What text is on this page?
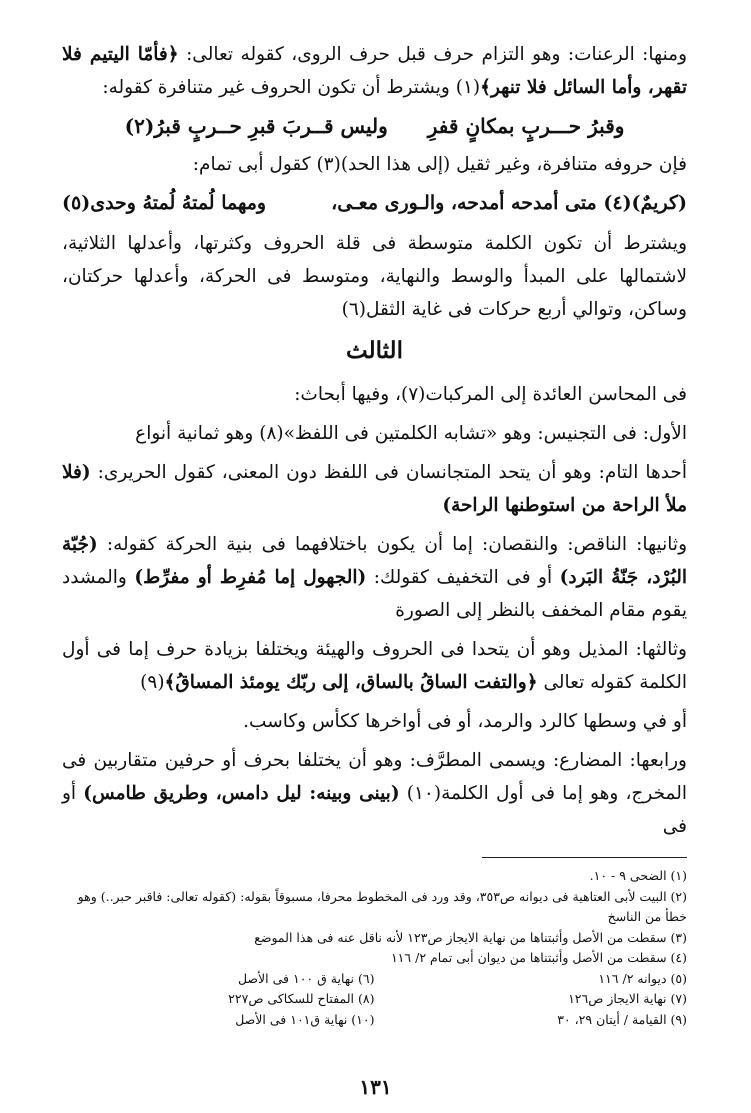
ومنها: الرعنات: وهو التزام حرف قبل حرف الروى، كقوله تعالى: ﴿فأمّا اليتيم فلا تقهر، وأما السائل فلا تنهر﴾(١) ويشترط أن تكون الحروف غير متنافرة كقوله:

وقبرُ حـــربٍ بمكانٍ قفرِ
وليس قــربَ قبرِ حــربٍ قبرُ(٢)

فإن حروفه متنافرة، وغير ثقيل (إلى هذا الحد)(٣) كقول أبى تمام:

(كريمٌ)(٤) متى أمدحه أمدحه، والـورى معـى،
ومهما لُمتهُ لُمتهُ وحدى(٥)

ويشترط أن تكون الكلمة متوسطة فى قلة الحروف وكثرتها، وأعدلها الثلاثية، لاشتمالها على المبدأ والوسط والنهاية، ومتوسط فى الحركة، وأعدلها حركتان، وساكن، وتوالي أربع حركات فى غاية الثقل(٦)

الثالث

فى المحاسن العائدة إلى المركبات(٧)، وفيها أبحاث:

الأول: فى التجنيس: وهو «تشابه الكلمتين فى اللفظ»(٨) وهو ثمانية أنواع

أحدها التام: وهو أن يتحد المتجانسان فى اللفظ دون المعنى، كقول الحريرى: (فلا ملأ الراحة من استوطنها الراحة)

وثانيها: الناقص: والنقصان: إما أن يكون باختلافهما فى بنية الحركة كقوله: (جُبّة البُرْد، جَنّةُ البَرد) أو فى التخفيف كقولك: (الجهول إما مُفرِط أو مفرِّط) والمشدد يقوم مقام المخفف بالنظر إلى الصورة

وثالثها: المذيل وهو أن يتحدا فى الحروف والهيئة ويختلفا بزيادة حرف إما فى أول الكلمة كقوله تعالى ﴿والتفت الساقُ بالساق، إلى ربّك يومئذ المساقُ﴾(٩)

أو في وسطها كالرد والرمد، أو فى أواخرها ككأس وكاسب.

ورابعها: المضارع: ويسمى المطرَّف: وهو أن يختلفا بحرف أو حرفين متقاربين فى المخرج، وهو إما فى أول الكلمة(١٠) (بينى وبينه: ليل دامس، وطريق طامس) أو فى

(١) الضحى ٩ - ١٠.

(٢) البيت لأبى العتاهية فى ديوانه ص٣٥٣، وقد ورد فى المخطوط محرفا، مسبوقاً بقوله: (كقوله تعالى: فاقبر حبر..) وهو خطأ من الناسخ

(٣) سقطت من الأصل وأثبتناها من نهاية الايجاز ص١٢٣ لأنه ناقل عنه فى هذا الموضع

(٤) سقطت من الأصل وأثبتناها من ديوان أبى تمام ٢/ ١١٦

(٥) ديوانه ٢/ ١١٦
(٦) نهاية ق ١٠٠ فى الأصل
(٧) نهاية الايجاز ص١٢٦
(٨) المفتاح للسكاكى ص٢٢٧
(٩) القيامة / أيتان ٢٩، ٣٠
(١٠) نهاية ق١٠١ فى الأصل
١٣١
